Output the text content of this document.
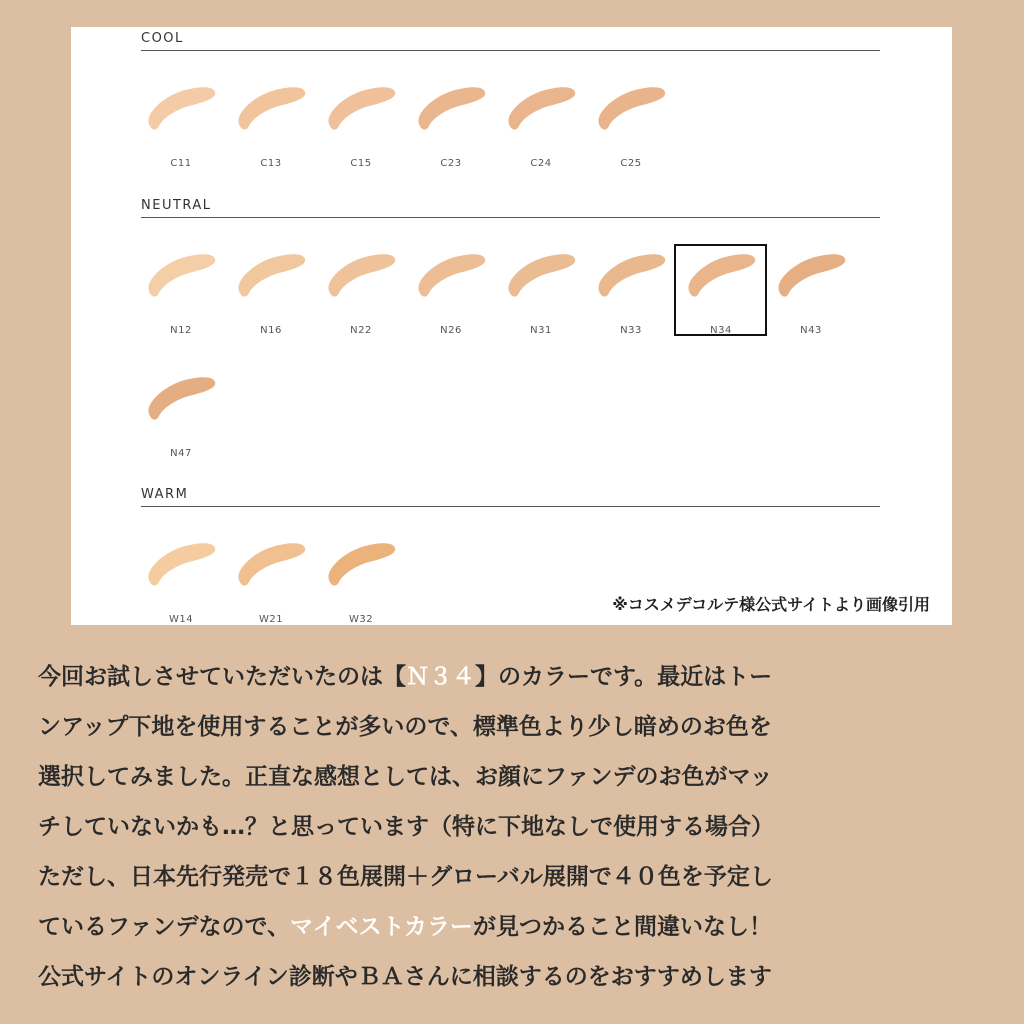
COOL
NEUTRAL
WARM
C11	C13	C15	C23	C24	C25
N12	N16	N22	N26	N31	N33	N34	N43
N47
W14	W21	W32
※コスメデコルテ様公式サイトより画像引用
今回お試しさせていただいたのは【Ｎ３４】のカラーです。最近はトー
ンアップ下地を使用することが多いので、標準色より少し暗めのお色を
選択してみました。正直な感想としては、お顔にファンデのお色がマッ
チしていないかも…？と思っています（特に下地なしで使用する場合）
ただし、日本先行発売で１８色展開＋グローバル展開で４０色を予定し
ているファンデなので、マイベストカラーが見つかること間違いなし！
公式サイトのオンライン診断やＢＡさんに相談するのをおすすめします
